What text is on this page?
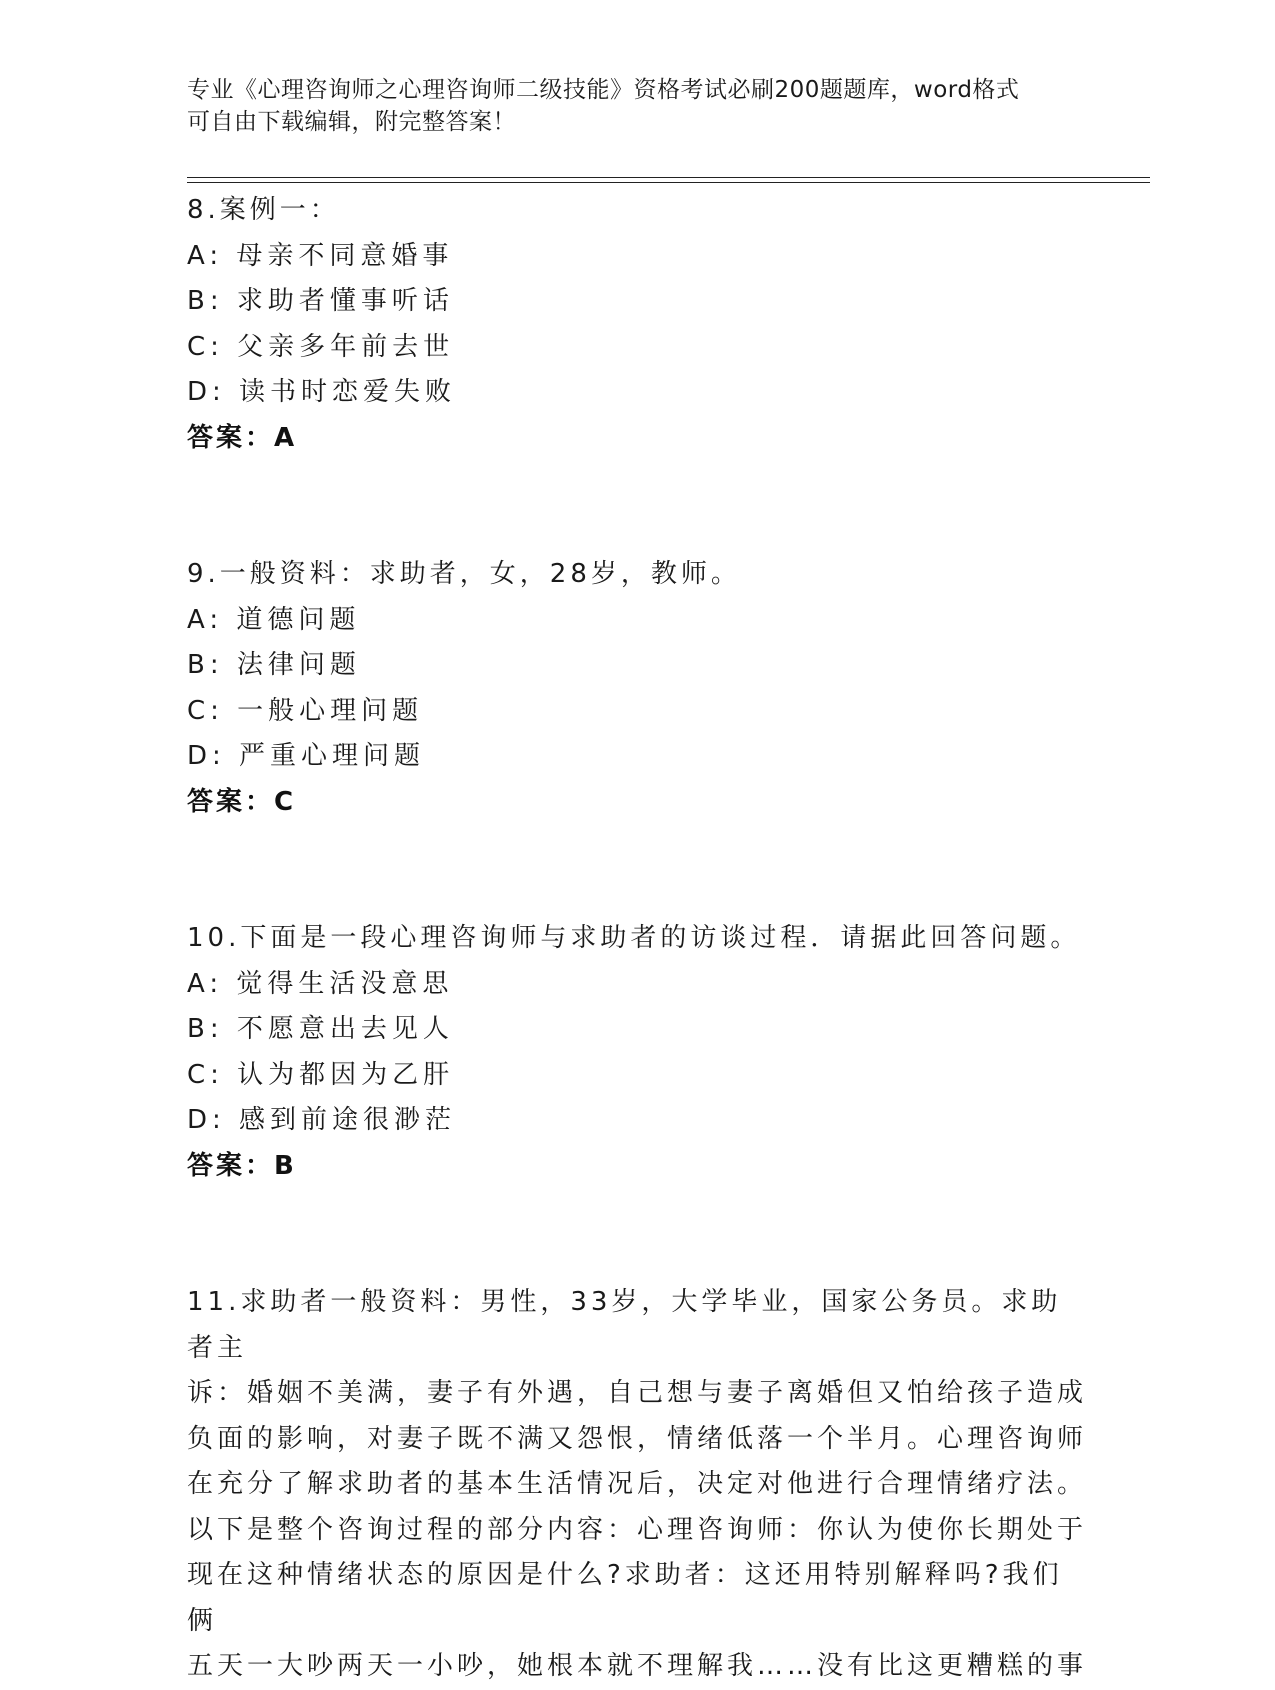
专业《心理咨询师之心理咨询师二级技能》资格考试必刷200题题库，word格式
可自由下载编辑，附完整答案！
8.案例一：
A: 母亲不同意婚事
B: 求助者懂事听话
C: 父亲多年前去世
D: 读书时恋爱失败
答案：A
9.一般资料：求助者，女，28岁，教师。
A: 道德问题
B: 法律问题
C: 一般心理问题
D: 严重心理问题
答案：C
10.下面是一段心理咨询师与求助者的访谈过程．请据此回答问题。
A: 觉得生活没意思
B: 不愿意出去见人
C: 认为都因为乙肝
D: 感到前途很渺茫
答案：B
11.求助者一般资料：男性，33岁，大学毕业，国家公务员。求助者主
诉：婚姻不美满，妻子有外遇，自己想与妻子离婚但又怕给孩子造成
负面的影响，对妻子既不满又怨恨，情绪低落一个半月。心理咨询师
在充分了解求助者的基本生活情况后，决定对他进行合理情绪疗法。
以下是整个咨询过程的部分内容：心理咨询师：你认为使你长期处于
现在这种情绪状态的原因是什么?求助者：这还用特别解释吗?我们俩
五天一大吵两天一小吵，她根本就不理解我……没有比这更糟糕的事
